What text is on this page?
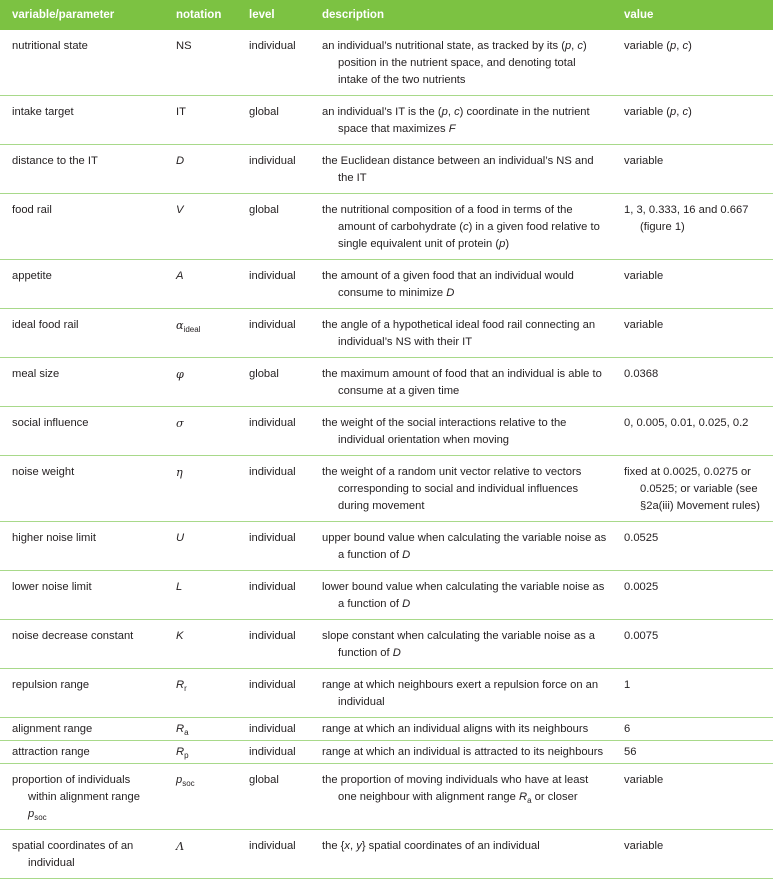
variable/parameter	notation	level	description	value

nutritional state	NS	individual	an individual’s nutritional state, as tracked by its (p, c) position in the nutrient space, and denoting total intake of the two nutrients	variable (p, c)

intake target	IT	global	an individual’s IT is the (p, c) coordinate in the nutrient space that maximizes F	variable (p, c)

distance to the IT	D	individual	the Euclidean distance between an individual’s NS and the IT	variable

food rail	V	global	the nutritional composition of a food in terms of the amount of carbohydrate (c) in a given food relative to single equivalent unit of protein (p)	1, 3, 0.333, 16 and 0.667 (figure 1)

appetite	A	individual	the amount of a given food that an individual would consume to minimize D	variable

ideal food rail	$\alpha_{ideal}$	individual	the angle of a hypothetical ideal food rail connecting an individual’s NS with their IT	variable

meal size	φ	global	the maximum amount of food that an individual is able to consume at a given time	0.0368

social influence	σ	individual	the weight of the social interactions relative to the individual orientation when moving	0, 0.005, 0.01, 0.025, 0.2

noise weight	η	individual	the weight of a random unit vector relative to vectors corresponding to social and individual influences during movement	fixed at 0.0025, 0.0275 or 0.0525; or variable (see §2a(iii) Movement rules)

higher noise limit	U	individual	upper bound value when calculating the variable noise as a function of D	0.0525

lower noise limit	L	individual	lower bound value when calculating the variable noise as a function of D	0.0025

noise decrease constant	K	individual	slope constant when calculating the variable noise as a function of D	0.0075

repulsion range	$R_r$	individual	range at which neighbours exert a repulsion force on an individual	1

alignment range	$R_a$	individual	range at which an individual aligns with its neighbours	6

attraction range	$R_p$	individual	range at which an individual is attracted to its neighbours	56

proportion of individuals within alignment range $p_{soc}$	$p_{soc}$	global	the proportion of moving individuals who have at least one neighbour with alignment range $R_a$ or closer	variable

spatial coordinates of an individual	Λ	individual	the {x, y} spatial coordinates of an individual	variable
